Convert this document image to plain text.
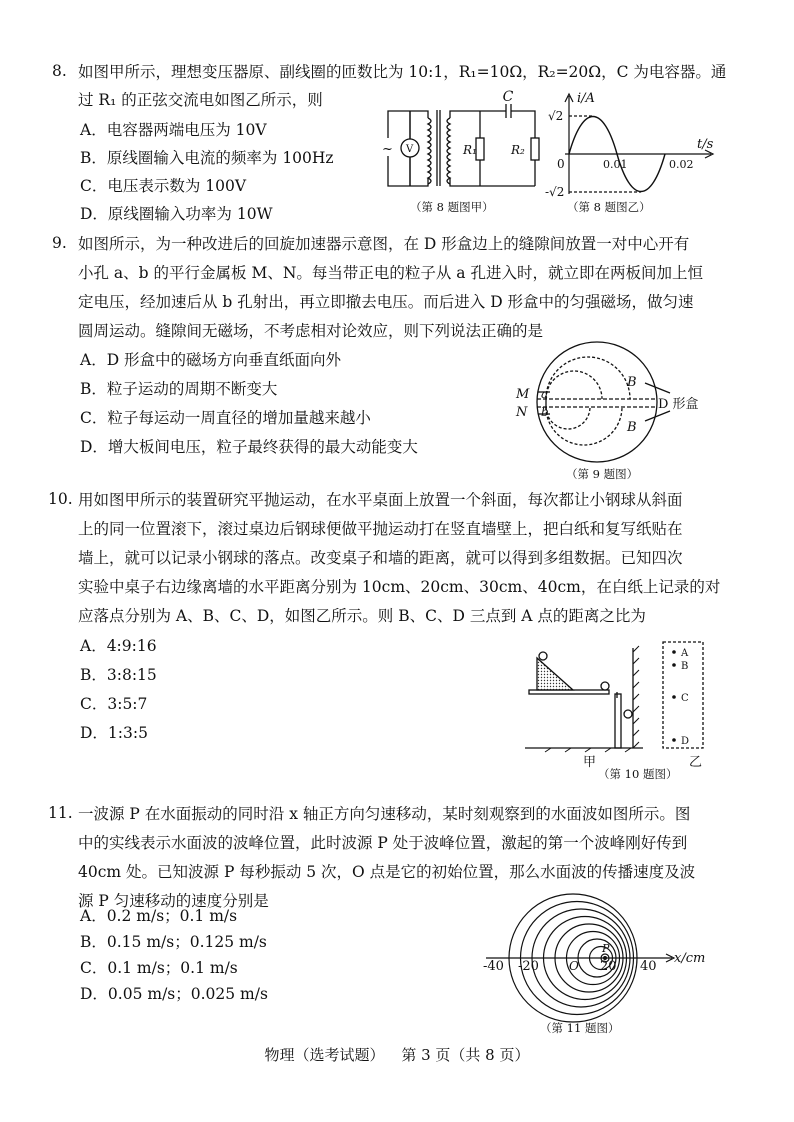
8. 如图甲所示，理想变压器原、副线圈的匝数比为 10:1，R₁=10Ω，R₂=20Ω，C 为电容器。通
过 R₁ 的正弦交流电如图乙所示，则
A．电容器两端电压为 10V
B．原线圈输入电流的频率为 100Hz
C．电压表示数为 100V
D．原线圈输入功率为 10W
~ V
C
R₁	R₂
（第 8 题图甲）
i/A
t/s
√2
-√2
0	0.01	0.02
（第 8 题图乙）
9. 如图所示，为一种改进后的回旋加速器示意图，在 D 形盒边上的缝隙间放置一对中心开有
小孔 a、b 的平行金属板 M、N。每当带正电的粒子从 a 孔进入时，就立即在两板间加上恒
定电压，经加速后从 b 孔射出，再立即撤去电压。而后进入 D 形盒中的匀强磁场，做匀速
圆周运动。缝隙间无磁场，不考虑相对论效应，则下列说法正确的是
A．D 形盒中的磁场方向垂直纸面向外
B．粒子运动的周期不断变大
C．粒子每运动一周直径的增加量越来越小
D．增大板间电压，粒子最终获得的最大动能变大
M
N
a
b
B
B
D 形盒
（第 9 题图）
10. 用如图甲所示的装置研究平抛运动，在水平桌面上放置一个斜面，每次都让小钢球从斜面
上的同一位置滚下，滚过桌边后钢球便做平抛运动打在竖直墙壁上，把白纸和复写纸贴在
墙上，就可以记录小钢球的落点。改变桌子和墙的距离，就可以得到多组数据。已知四次
实验中桌子右边缘离墙的水平距离分别为 10cm、20cm、30cm、40cm，在白纸上记录的对
应落点分别为 A、B、C、D，如图乙所示。则 B、C、D 三点到 A 点的距离之比为
A．4:9:16
B．3:8:15
C．3:5:7
D．1:3:5
A
B
C
D
甲	乙
（第 10 题图）
11. 一波源 P 在水面振动的同时沿 x 轴正方向匀速移动，某时刻观察到的水面波如图所示。图
中的实线表示水面波的波峰位置，此时波源 P 处于波峰位置，激起的第一个波峰刚好传到
40cm 处。已知波源 P 每秒振动 5 次，O 点是它的初始位置，那么水面波的传播速度及波
源 P 匀速移动的速度分别是
A．0.2 m/s；0.1 m/s
B．0.15 m/s；0.125 m/s
C．0.1 m/s；0.1 m/s
D．0.05 m/s；0.025 m/s
x/cm
-40 -20	O 20 40
P
（第 11 题图）
物理（选考试题） 第 3 页（共 8 页）
